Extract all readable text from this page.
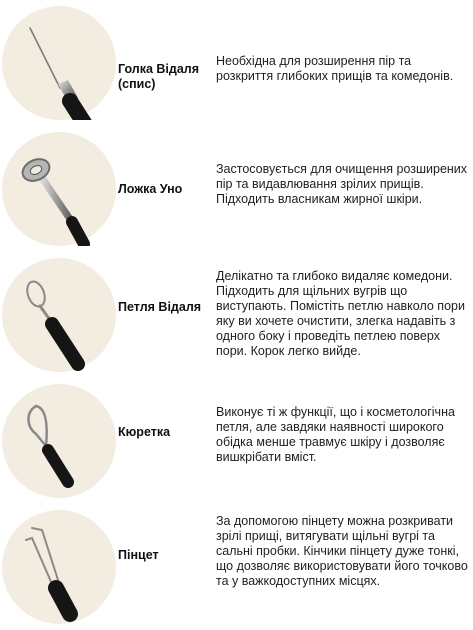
Голка Відаля (спис)
Необхідна для розширення пір та розкриття глибоких прищів та комедонів.
Ложка Уно
Застосовується для очищення розширених пір та видавлювання зрілих прищів. Підходить власникам жирної шкіри.
Петля Відаля
Делікатно та глибоко видаляє комедони. Підходить для щільних вугрів що виступають. Помістіть петлю навколо пори яку ви хочете очистити, злегка надавіть з одного боку і проведіть петлею поверх пори. Корок легко вийде.
Кюретка
Виконує ті ж функції, що і косметологічна петля, але завдяки наявності широкого обідка менше травмує шкіру і дозволяє вишкрібати вміст.
Пінцет
За допомогою пінцету можна розкривати зрілі прищі, витягувати щільні вугрі та сальні пробки. Кінчики пінцету дуже тонкі, що дозволяє використовувати його точково та у важкодоступних місцях.
